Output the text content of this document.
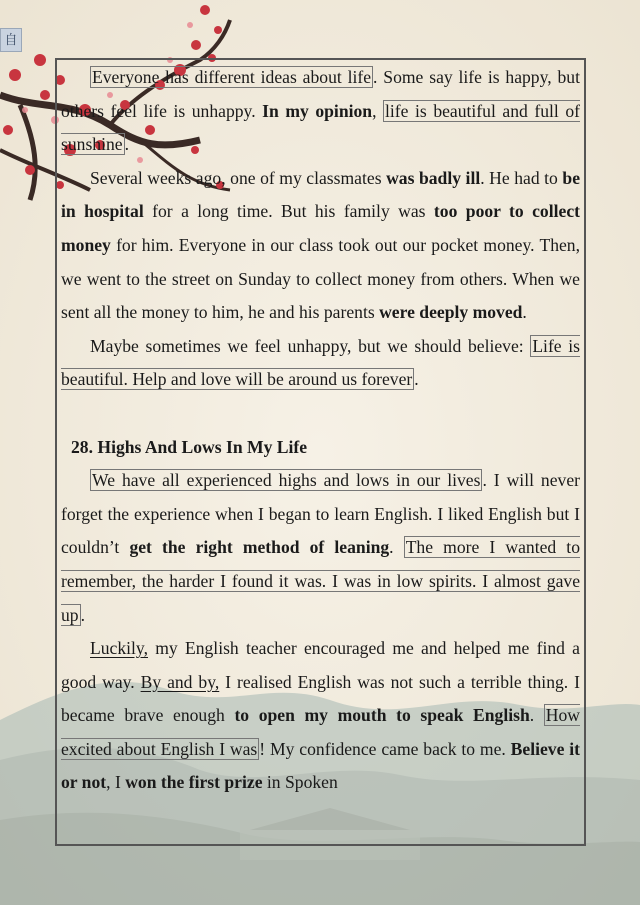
自

Everyone has different ideas about life . Some say life is happy, but others feel life is unhappy. In my opinion, life is beautiful and full of sunshine .

Several weeks ago, one of my classmates was badly ill. He had to be in hospital for a long time. But his family was too poor to collect money for him. Everyone in our class took out our pocket money. Then, we went to the street on Sunday to collect money from others. When we sent all the money to him, he and his parents were deeply moved.

Maybe sometimes we feel unhappy, but we should believe: Life is beautiful. Help and love will be around us forever .

28. Highs And Lows In My Life

We have all experienced highs and lows in our lives . I will never forget the experience when I began to learn English. I liked English but I couldn’t get the right method of leaning. The more I wanted to remember, the harder I found it was. I was in low spirits. I almost gave up .

Luckily, my English teacher encouraged me and helped me find a good way. By and by, I realised English was not such a terrible thing. I became brave enough to open my mouth to speak English. How excited about English I was ! My confidence came back to me. Believe it or not, I won the first prize in Spoken
